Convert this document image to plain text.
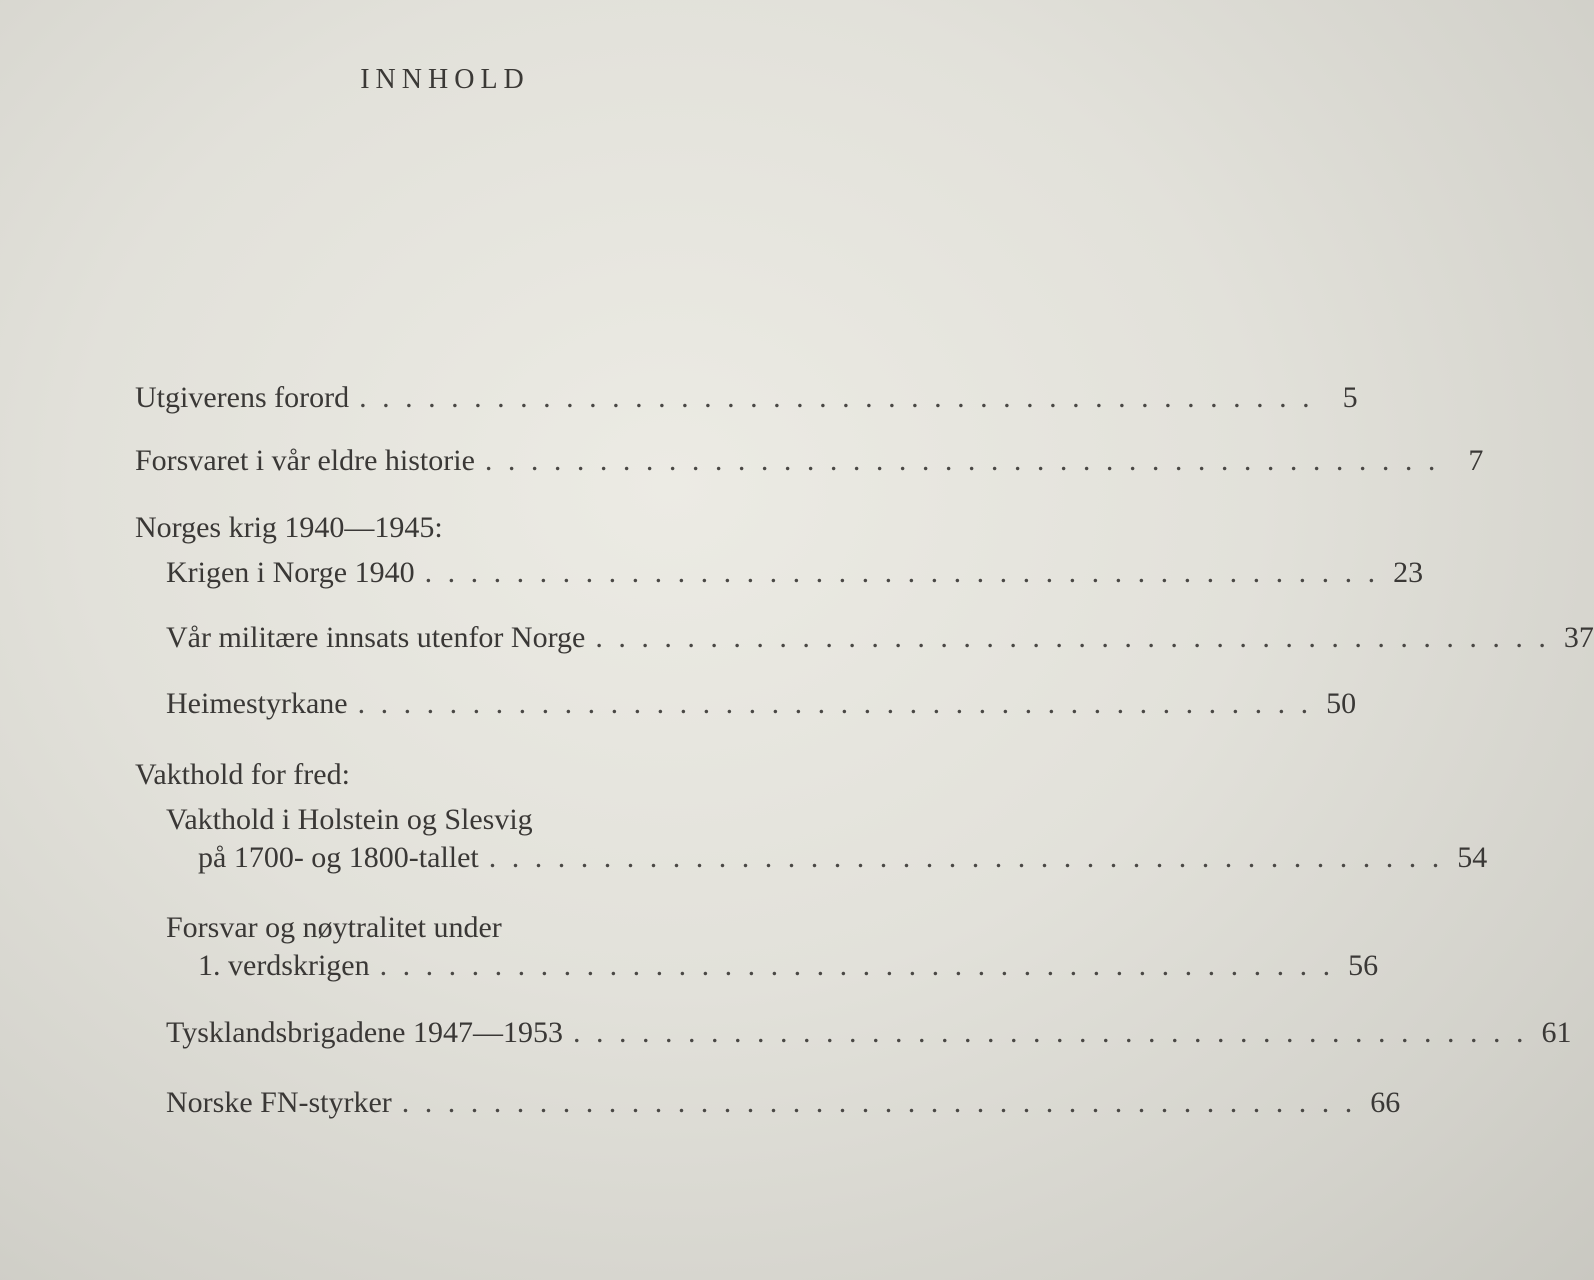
INNHOLD
Utgiverens forord . . . . . . . . . . . . . . . . . . . . . . . . . . . . . . . . . . . . . . . . . . 5
Forsvaret i vår eldre historie . . . . . . . . . . . . . . . . . . . . . . . . . . . . . . . . . . . . . . . . . . 7
Norges krig 1940—1945:
Krigen i Norge 1940 . . . . . . . . . . . . . . . . . . . . . . . . . . . . . . . . . . . . . . . . . . 23
Vår militære innsats utenfor Norge . . . . . . . . . . . . . . . . . . . . . . . . . . . . . . . . . . . . . . . . . . 37
Heimestyrkane . . . . . . . . . . . . . . . . . . . . . . . . . . . . . . . . . . . . . . . . . . 50
Vakthold for fred:
Vakthold i Holstein og Slesvig
på 1700- og 1800-tallet . . . . . . . . . . . . . . . . . . . . . . . . . . . . . . . . . . . . . . . . . . 54
Forsvar og nøytralitet under
1. verdskrigen . . . . . . . . . . . . . . . . . . . . . . . . . . . . . . . . . . . . . . . . . . 56
Tysklandsbrigadene 1947—1953 . . . . . . . . . . . . . . . . . . . . . . . . . . . . . . . . . . . . . . . . . . 61
Norske FN-styrker . . . . . . . . . . . . . . . . . . . . . . . . . . . . . . . . . . . . . . . . . . 66
